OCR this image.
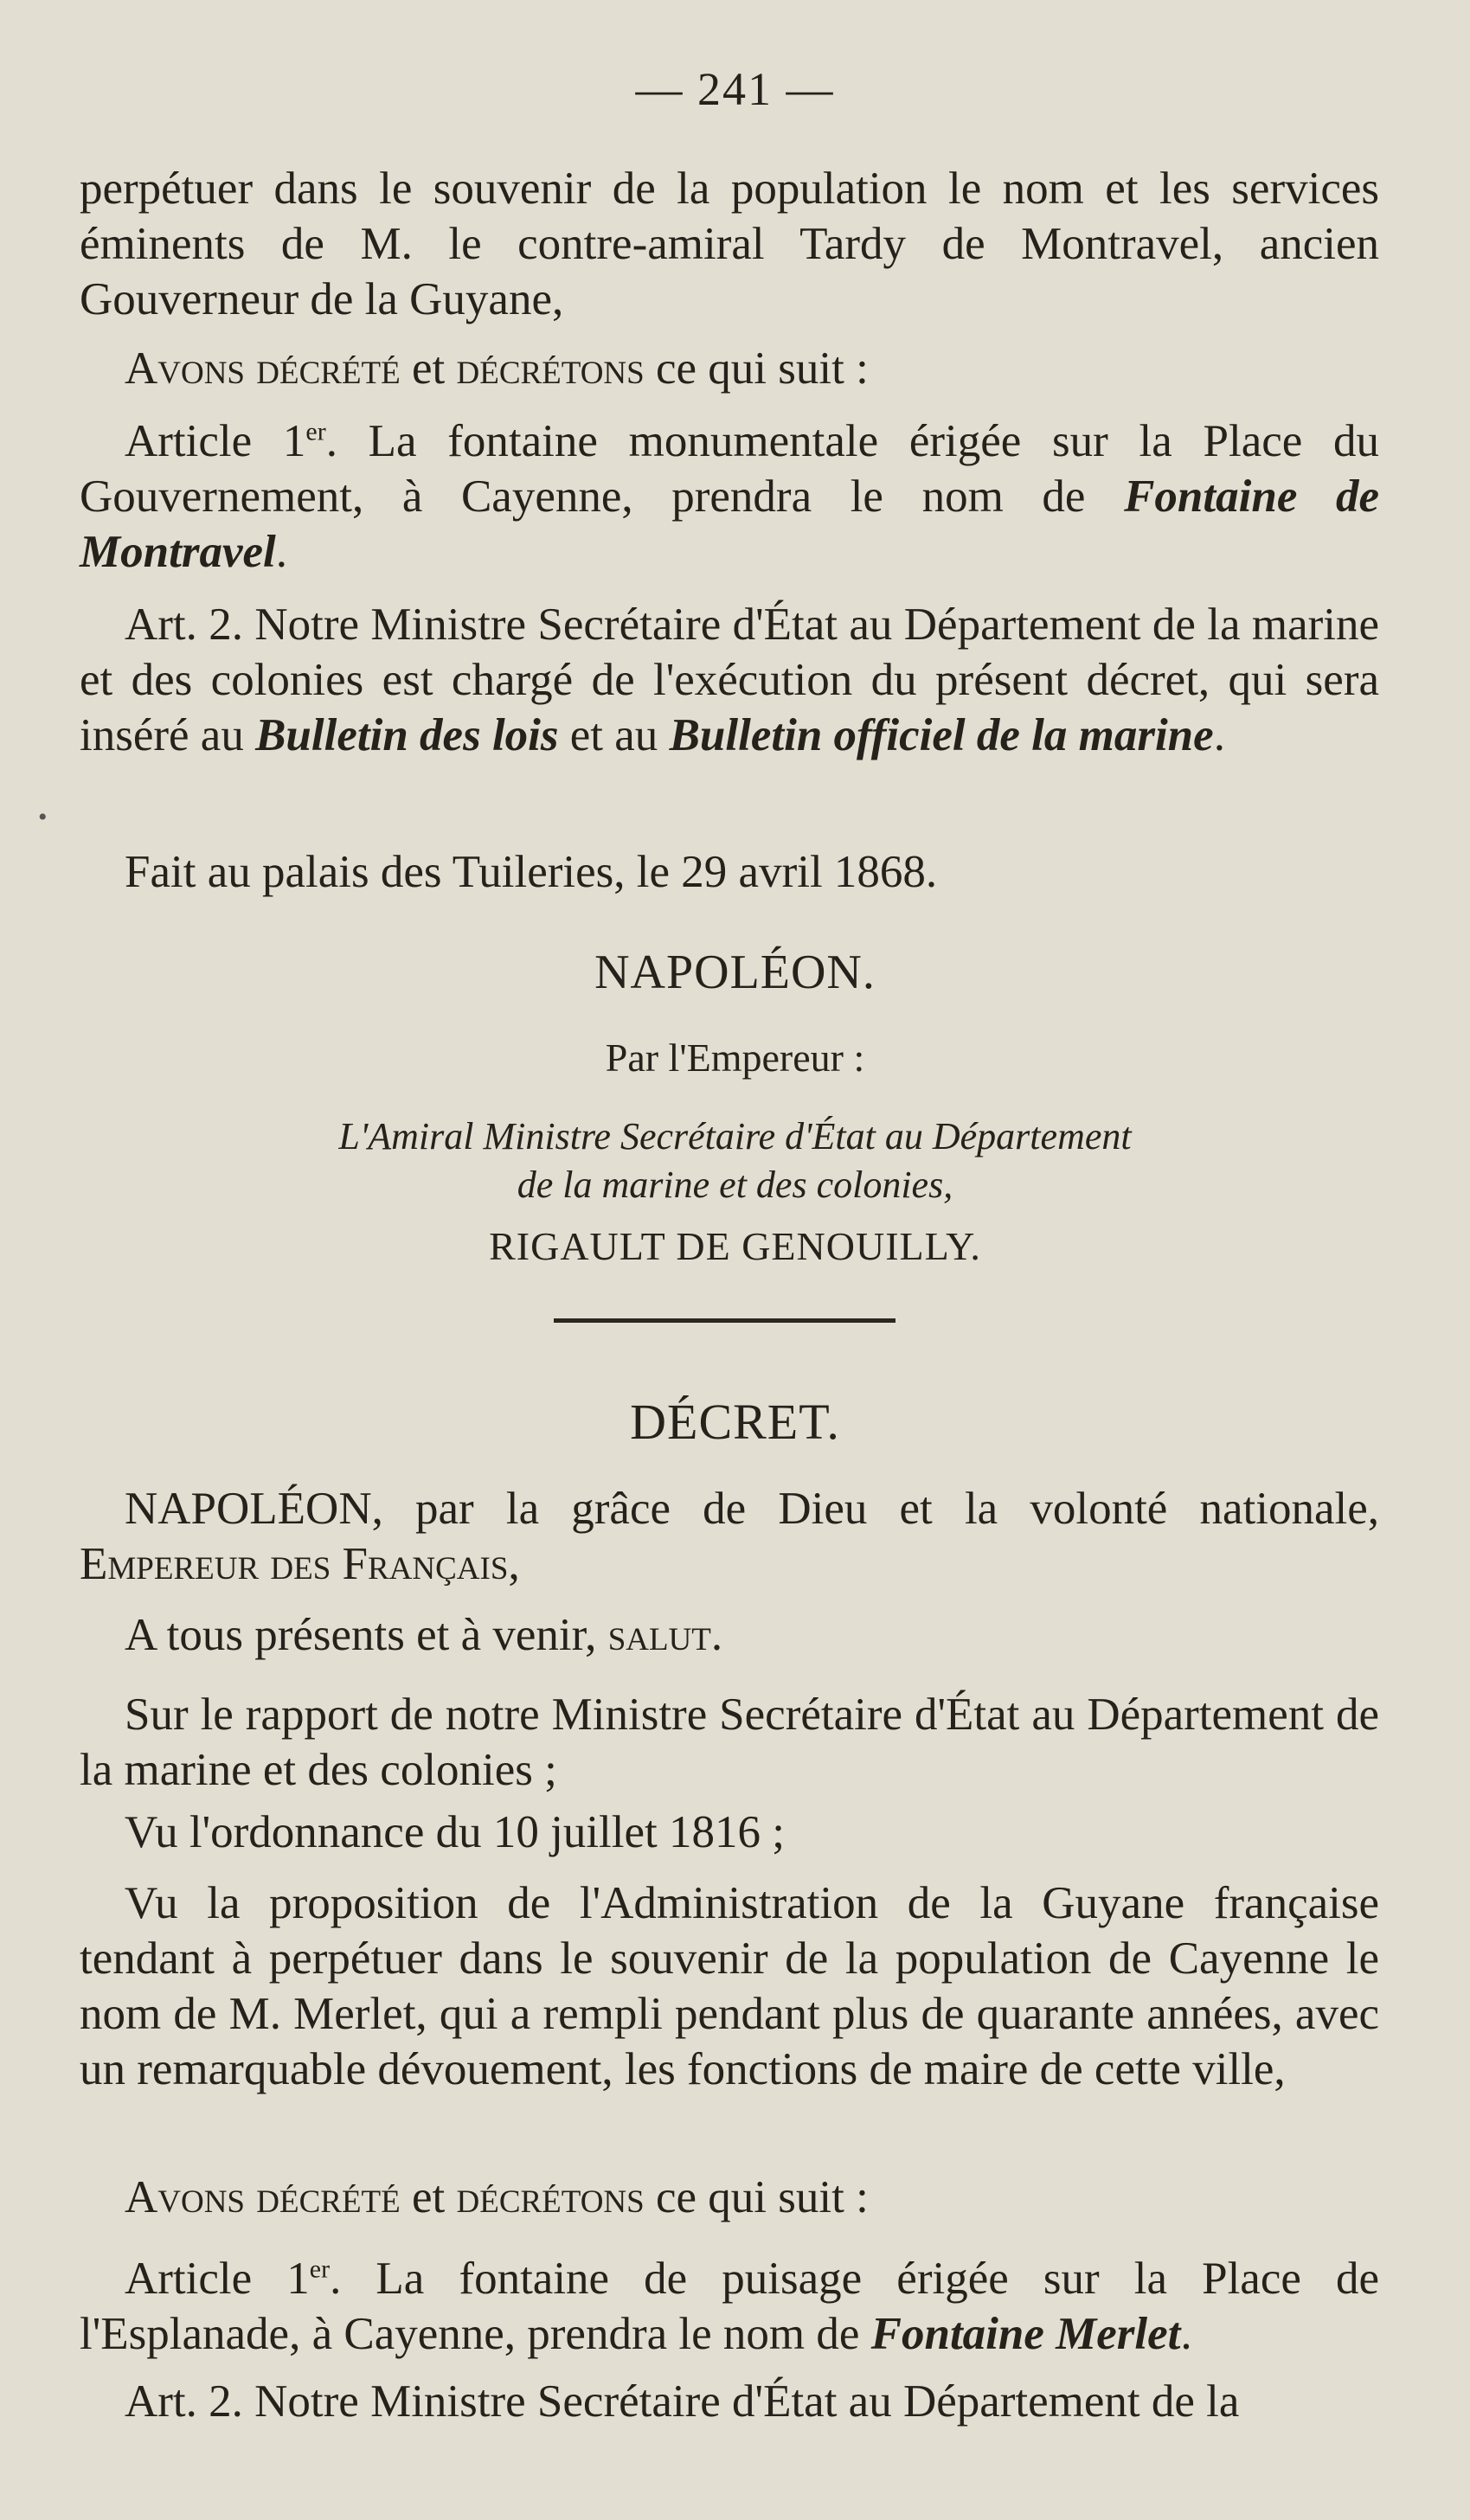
— 241 —
perpétuer dans le souvenir de la population le nom et les services éminents de M. le contre-amiral Tardy de Montravel, ancien Gouverneur de la Guyane,
Avons décrété et décrétons ce qui suit :
Article 1er. La fontaine monumentale érigée sur la Place du Gouvernement, à Cayenne, prendra le nom de Fontaine de Montravel.
Art. 2. Notre Ministre Secrétaire d'État au Département de la marine et des colonies est chargé de l'exécution du présent décret, qui sera inséré au Bulletin des lois et au Bulletin officiel de la marine.
Fait au palais des Tuileries, le 29 avril 1868.
•
NAPOLÉON.
Par l'Empereur :
L'Amiral Ministre Secrétaire d'État au Département
de la marine et des colonies,
RIGAULT DE GENOUILLY.
DÉCRET.
NAPOLÉON, par la grâce de Dieu et la volonté nationale, Empereur des Français,
A tous présents et à venir, salut.
Sur le rapport de notre Ministre Secrétaire d'État au Département de la marine et des colonies ;
Vu l'ordonnance du 10 juillet 1816 ;
Vu la proposition de l'Administration de la Guyane française tendant à perpétuer dans le souvenir de la population de Cayenne le nom de M. Merlet, qui a rempli pendant plus de quarante années, avec un remarquable dévouement, les fonctions de maire de cette ville,
Avons décrété et décrétons ce qui suit :
Article 1er. La fontaine de puisage érigée sur la Place de l'Esplanade, à Cayenne, prendra le nom de Fontaine Merlet.
Art. 2. Notre Ministre Secrétaire d'État au Département de la
